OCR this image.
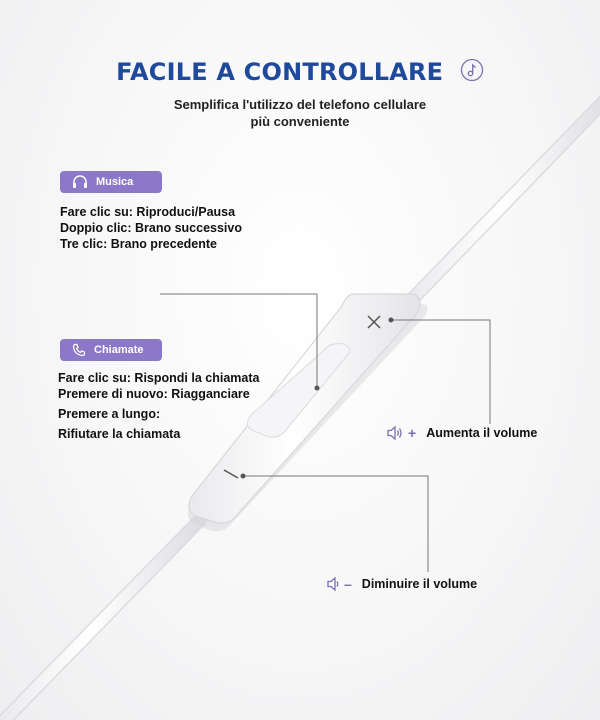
FACILE A CONTROLLARE
Semplifica l'utilizzo del telefono cellulare
più conveniente
Musica
Fare clic su: Riproduci/Pausa
Doppio clic: Brano successivo
Tre clic: Brano precedente
Chiamate
Fare clic su: Rispondi la chiamata
Premere di nuovo: Riagganciare
Premere a lungo:
Rifiutare la chiamata	+ Aumenta il volume
– Diminuire il volume
